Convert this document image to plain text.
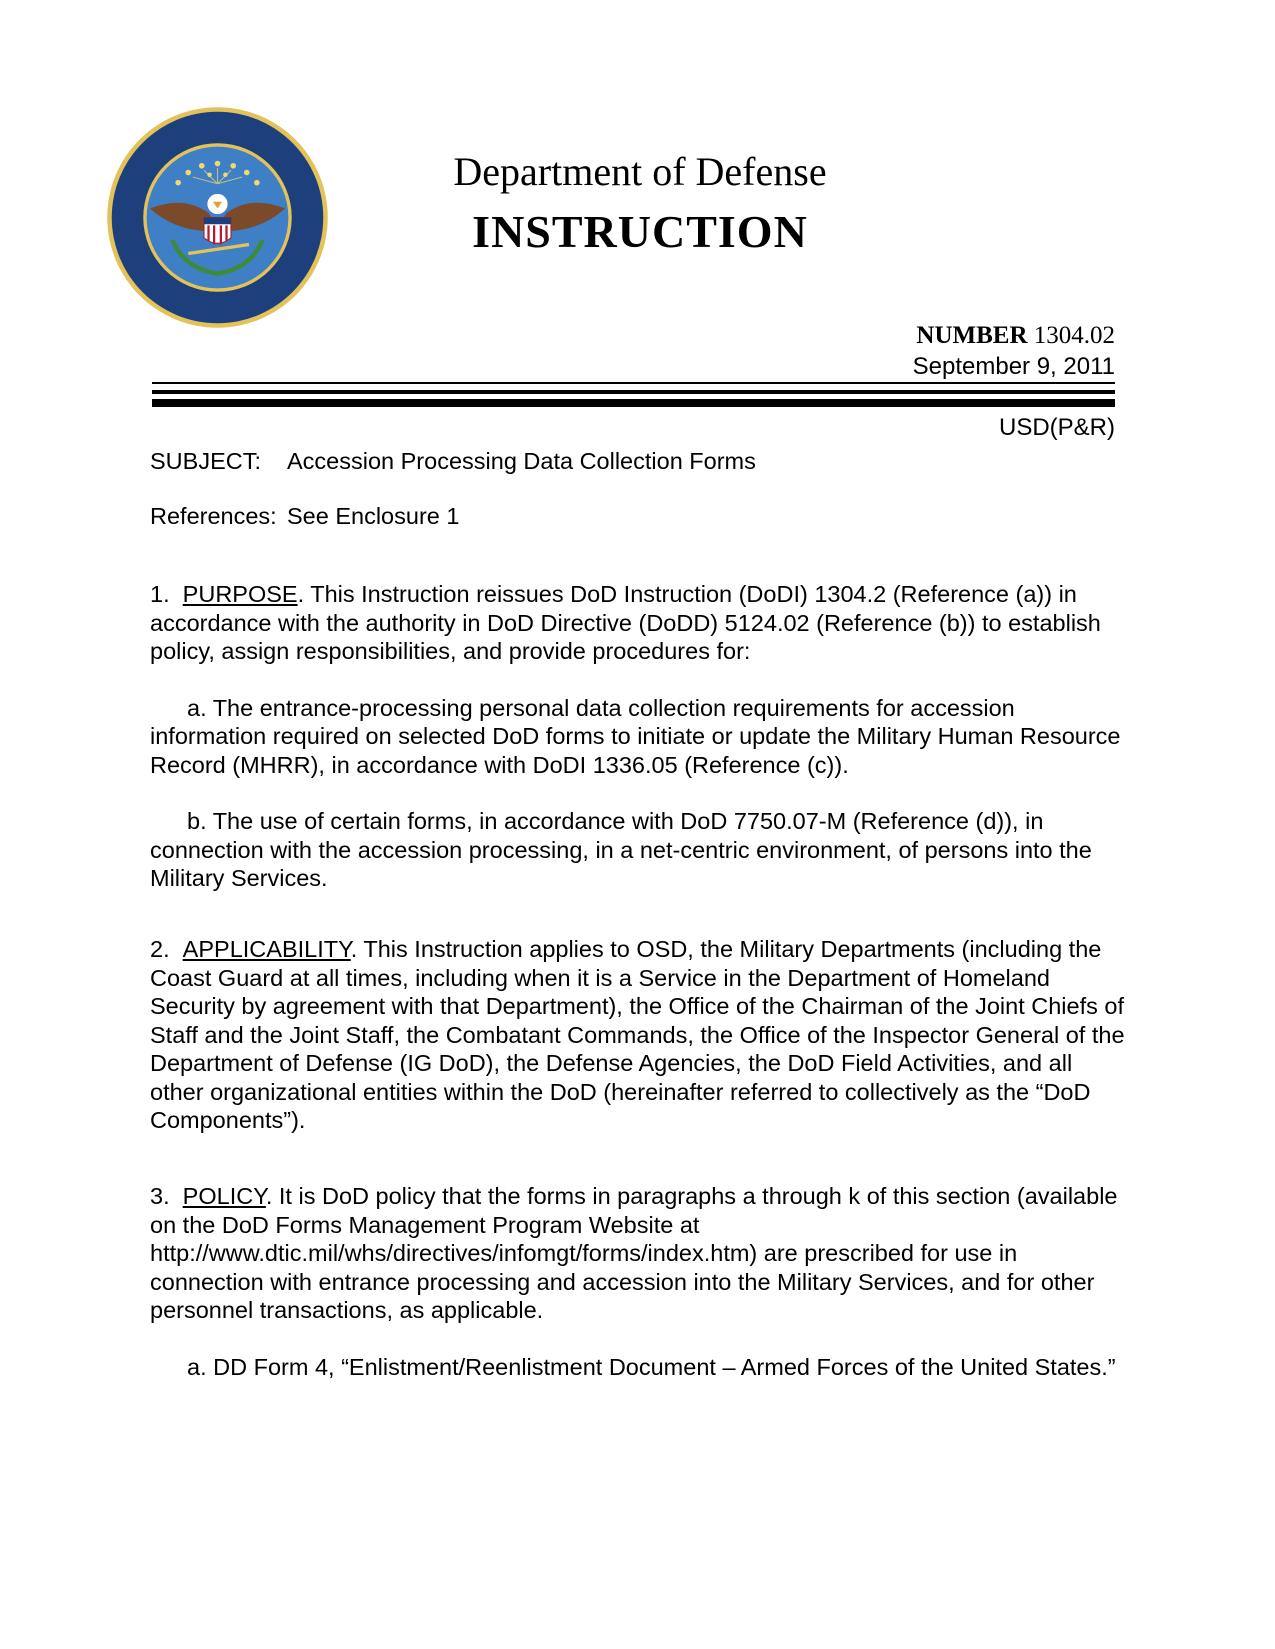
Department of Defense
INSTRUCTION
NUMBER 1304.02
September 9, 2011
USD(P&R)
SUBJECT: Accession Processing Data Collection Forms
References: See Enclosure 1

1. PURPOSE. This Instruction reissues DoD Instruction (DoDI) 1304.2 (Reference (a)) in accordance with the authority in DoD Directive (DoDD) 5124.02 (Reference (b)) to establish policy, assign responsibilities, and provide procedures for:

a. The entrance-processing personal data collection requirements for accession information required on selected DoD forms to initiate or update the Military Human Resource Record (MHRR), in accordance with DoDI 1336.05 (Reference (c)).

b. The use of certain forms, in accordance with DoD 7750.07-M (Reference (d)), in connection with the accession processing, in a net-centric environment, of persons into the Military Services.

2. APPLICABILITY. This Instruction applies to OSD, the Military Departments (including the Coast Guard at all times, including when it is a Service in the Department of Homeland Security by agreement with that Department), the Office of the Chairman of the Joint Chiefs of Staff and the Joint Staff, the Combatant Commands, the Office of the Inspector General of the Department of Defense (IG DoD), the Defense Agencies, the DoD Field Activities, and all other organizational entities within the DoD (hereinafter referred to collectively as the “DoD Components”).

3. POLICY. It is DoD policy that the forms in paragraphs a through k of this section (available on the DoD Forms Management Program Website at http://www.dtic.mil/whs/directives/infomgt/forms/index.htm) are prescribed for use in connection with entrance processing and accession into the Military Services, and for other personnel transactions, as applicable.

a. DD Form 4, “Enlistment/Reenlistment Document – Armed Forces of the United States.”
